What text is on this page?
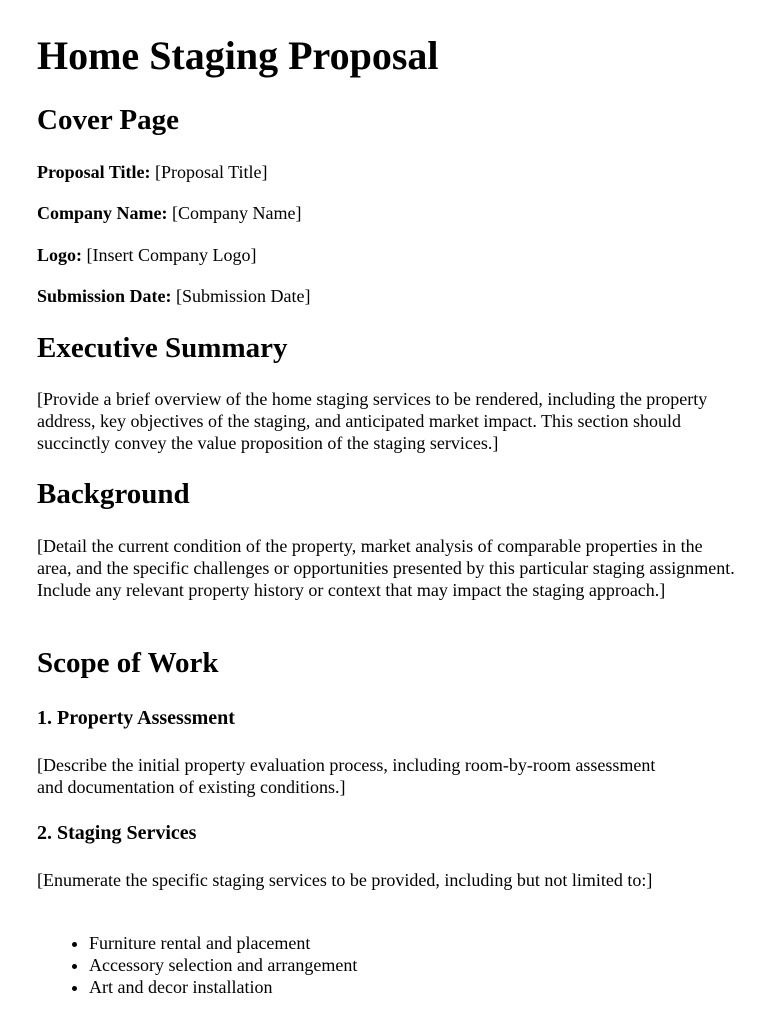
Home Staging Proposal
Cover Page
Proposal Title: [Proposal Title]
Company Name: [Company Name]
Logo: [Insert Company Logo]
Submission Date: [Submission Date]
Executive Summary

[Provide a brief overview of the home staging services to be rendered, including the property address, key objectives of the staging, and anticipated market impact. This section should succinctly convey the value proposition of the staging services.]

Background

[Detail the current condition of the property, market analysis of comparable properties in the area, and the specific challenges or opportunities presented by this particular staging assignment. Include any relevant property history or context that may impact the staging approach.]

Scope of Work
1. Property Assessment

[Describe the initial property evaluation process, including room-by-room assessment and documentation of existing conditions.]

2. Staging Services

[Enumerate the specific staging services to be provided, including but not limited to:]

• Furniture rental and placement
• Accessory selection and arrangement
• Art and decor installation
